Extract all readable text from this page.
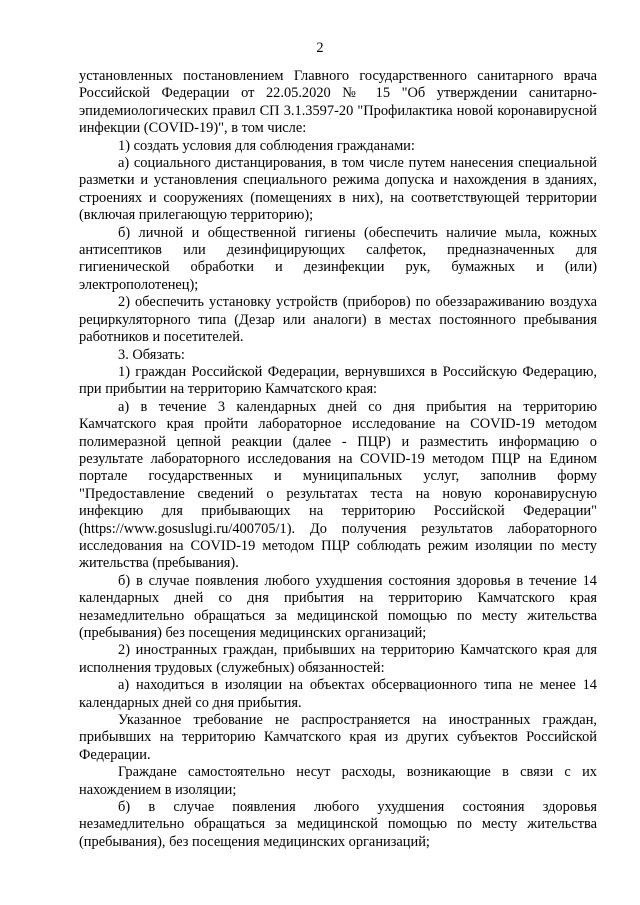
2

установленных постановлением Главного государственного санитарного врача Российской Федерации от 22.05.2020 № 15 "Об утверждении санитарно-эпидемиологических правил СП 3.1.3597-20 "Профилактика новой коронавирусной инфекции (COVID-19)", в том числе:

1) создать условия для соблюдения гражданами:

а) социального дистанцирования, в том числе путем нанесения специальной разметки и установления специального режима допуска и нахождения в зданиях, строениях и сооружениях (помещениях в них), на соответствующей территории (включая прилегающую территорию);

б) личной и общественной гигиены (обеспечить наличие мыла, кожных антисептиков или дезинфицирующих салфеток, предназначенных для гигиенической обработки и дезинфекции рук, бумажных и (или) электрополотенец);

2) обеспечить установку устройств (приборов) по обеззараживанию воздуха рециркуляторного типа (Дезар или аналоги) в местах постоянного пребывания работников и посетителей.

3. Обязать:

1) граждан Российской Федерации, вернувшихся в Российскую Федерацию, при прибытии на территорию Камчатского края:

а) в течение 3 календарных дней со дня прибытия на территорию Камчатского края пройти лабораторное исследование на COVID-19 методом полимеразной цепной реакции (далее - ПЦР) и разместить информацию о результате лабораторного исследования на COVID-19 методом ПЦР на Едином портале государственных и муниципальных услуг, заполнив форму "Предоставление сведений о результатах теста на новую коронавирусную инфекцию для прибывающих на территорию Российской Федерации" (https://www.gosuslugi.ru/400705/1). До получения результатов лабораторного исследования на COVID-19 методом ПЦР соблюдать режим изоляции по месту жительства (пребывания).

б) в случае появления любого ухудшения состояния здоровья в течение 14 календарных дней со дня прибытия на территорию Камчатского края незамедлительно обращаться за медицинской помощью по месту жительства (пребывания) без посещения медицинских организаций;

2) иностранных граждан, прибывших на территорию Камчатского края для исполнения трудовых (служебных) обязанностей:

а) находиться в изоляции на объектах обсервационного типа не менее 14 календарных дней со дня прибытия.

Указанное требование не распространяется на иностранных граждан, прибывших на территорию Камчатского края из других субъектов Российской Федерации.

Граждане самостоятельно несут расходы, возникающие в связи с их нахождением в изоляции;

б) в случае появления любого ухудшения состояния здоровья незамедлительно обращаться за медицинской помощью по месту жительства (пребывания), без посещения медицинских организаций;
